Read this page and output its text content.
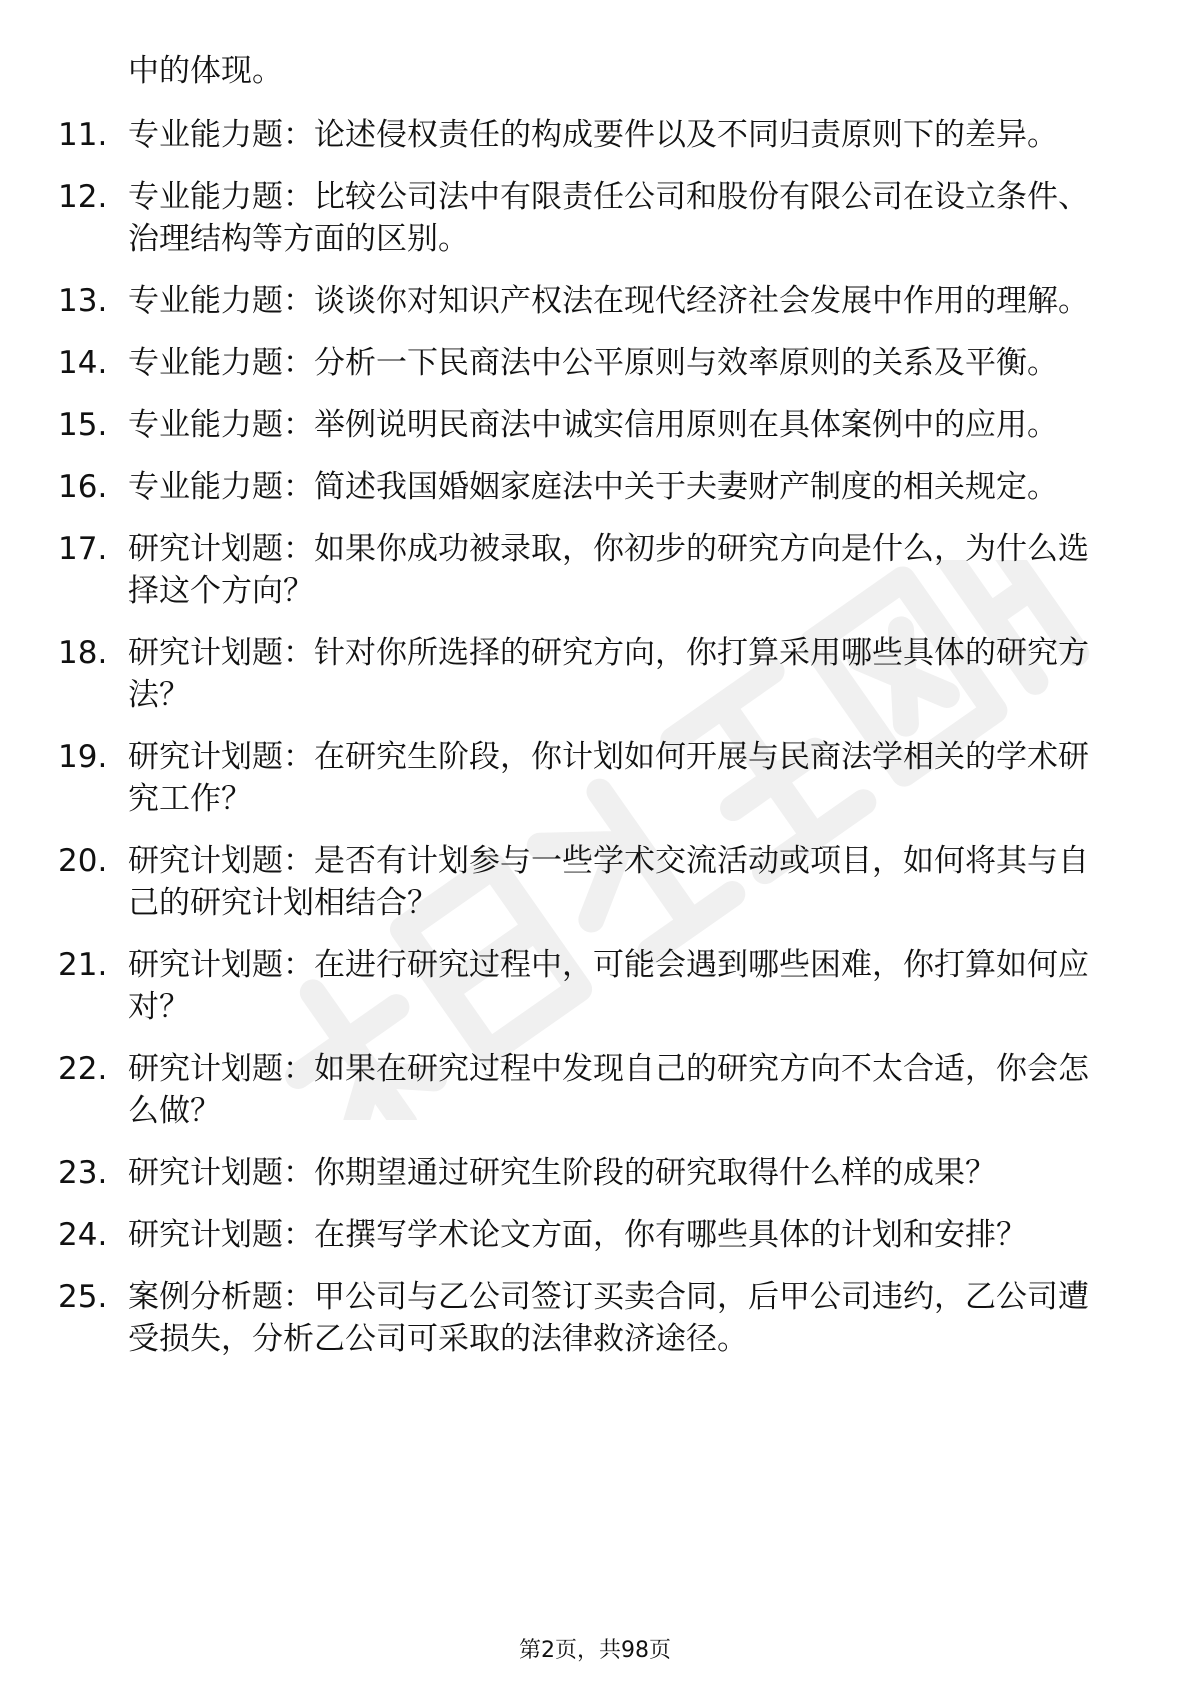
中的体现。

11. 专业能力题：论述侵权责任的构成要件以及不同归责原则下的差异。
12. 专业能力题：比较公司法中有限责任公司和股份有限公司在设立条件、治理结构等方面的区别。
13. 专业能力题：谈谈你对知识产权法在现代经济社会发展中作用的理解。
14. 专业能力题：分析一下民商法中公平原则与效率原则的关系及平衡。
15. 专业能力题：举例说明民商法中诚实信用原则在具体案例中的应用。
16. 专业能力题：简述我国婚姻家庭法中关于夫妻财产制度的相关规定。
17. 研究计划题：如果你成功被录取，你初步的研究方向是什么，为什么选择这个方向？
18. 研究计划题：针对你所选择的研究方向，你打算采用哪些具体的研究方法？
19. 研究计划题：在研究生阶段，你计划如何开展与民商法学相关的学术研究工作？
20. 研究计划题：是否有计划参与一些学术交流活动或项目，如何将其与自己的研究计划相结合？
21. 研究计划题：在进行研究过程中，可能会遇到哪些困难，你打算如何应对？
22. 研究计划题：如果在研究过程中发现自己的研究方向不太合适，你会怎么做？
23. 研究计划题：你期望通过研究生阶段的研究取得什么样的成果？
24. 研究计划题：在撰写学术论文方面，你有哪些具体的计划和安排？
25. 案例分析题：甲公司与乙公司签订买卖合同，后甲公司违约，乙公司遭受损失，分析乙公司可采取的法律救济途径。
第2页，共98页
